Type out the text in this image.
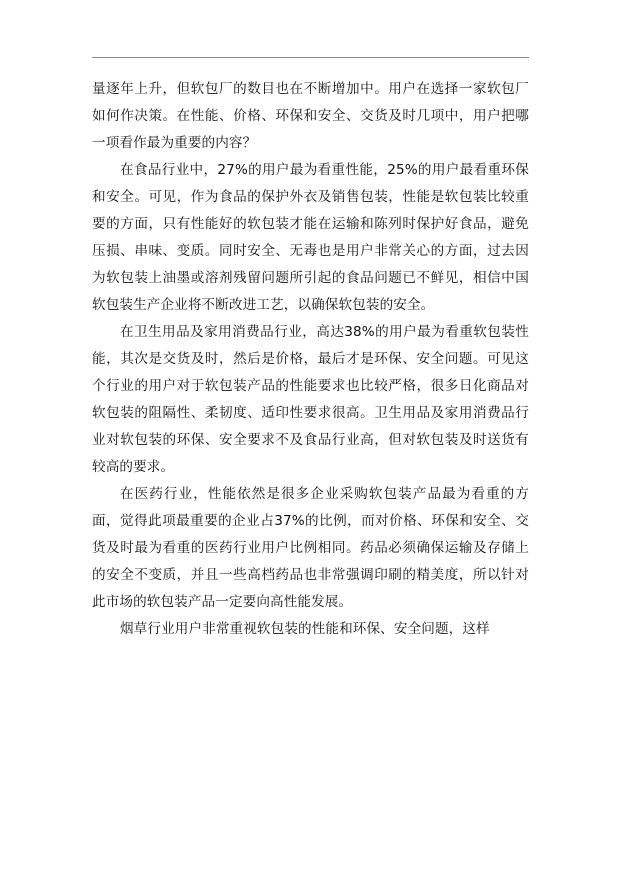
量逐年上升，但软包厂的数目也在不断增加中。用户在选择一家软包厂如何作决策。在性能、价格、环保和安全、交货及时几项中，用户把哪一项看作最为重要的内容？

在食品行业中，27%的用户最为看重性能，25%的用户最看重环保和安全。可见，作为食品的保护外衣及销售包装，性能是软包装比较重要的方面，只有性能好的软包装才能在运输和陈列时保护好食品，避免压损、串味、变质。同时安全、无毒也是用户非常关心的方面，过去因为软包装上油墨或溶剂残留问题所引起的食品问题已不鲜见，相信中国软包装生产企业将不断改进工艺，以确保软包装的安全。

在卫生用品及家用消费品行业，高达38%的用户最为看重软包装性能，其次是交货及时，然后是价格，最后才是环保、安全问题。可见这个行业的用户对于软包装产品的性能要求也比较严格，很多日化商品对软包装的阻隔性、柔韧度、适印性要求很高。卫生用品及家用消费品行业对软包装的环保、安全要求不及食品行业高，但对软包装及时送货有较高的要求。

在医药行业，性能依然是很多企业采购软包装产品最为看重的方面，觉得此项最重要的企业占37%的比例，而对价格、环保和安全、交货及时最为看重的医药行业用户比例相同。药品必须确保运输及存储上的安全不变质，并且一些高档药品也非常强调印刷的精美度，所以针对此市场的软包装产品一定要向高性能发展。

烟草行业用户非常重视软包装的性能和环保、安全问题，这样
